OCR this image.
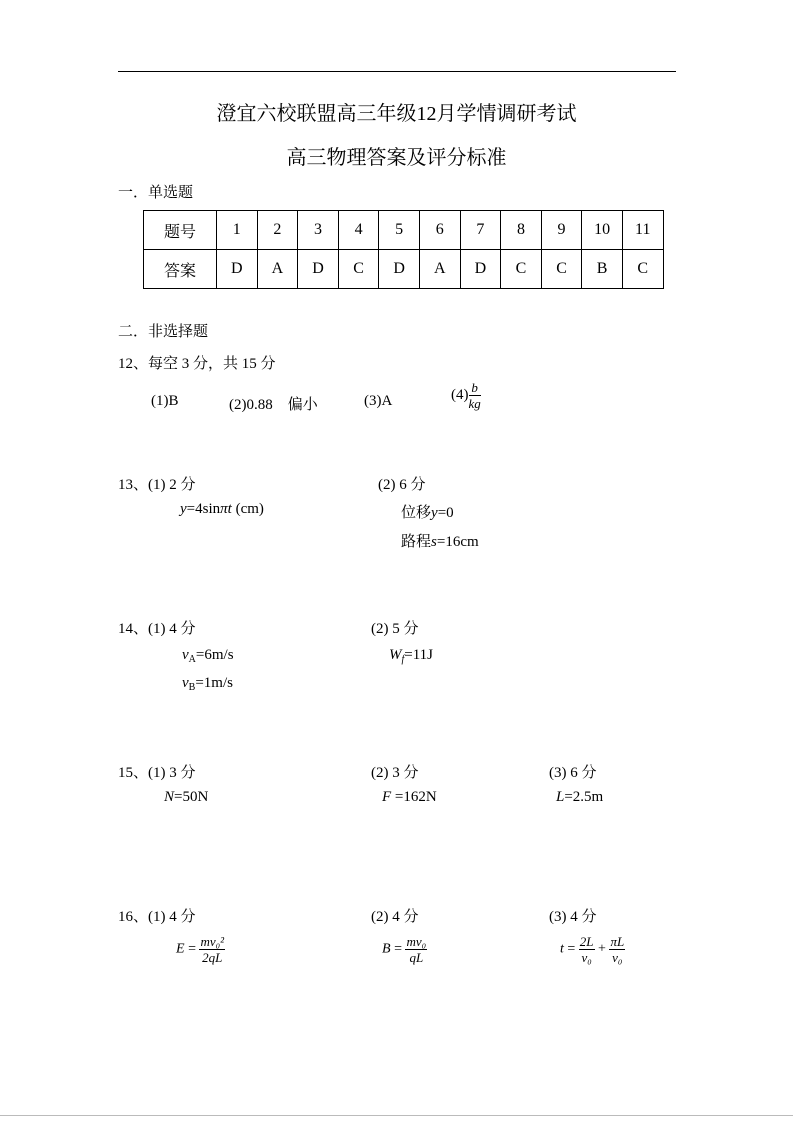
澄宜六校联盟高三年级12月学情调研考试
高三物理答案及评分标准
一．单选题
题号	1	2	3	4	5	6	7	8	9	10	11
答案	D	A	D	C	D	A	D	C	C	B	C
二．非选择题
12、每空 3 分，共 15 分
(1)B	(2)0.88　偏小	(3)A	$(4) \frac{b}{kg}$
13、(1) 2 分
y=4sinπt (cm)
(2) 6 分
位移y=0
路程s=16cm
14、(1) 4 分
$v_A=6m/s$
$v_B=1m/s$
(2) 5 分
$W_f=11J$
15、(1) 3 分
N=50N
(2) 3 分
F =162N
(3) 6 分
L=2.5m
16、(1) 4 分
$E = \frac{\text{mv₀²}}{2qL}$
(2) 4 分
$B = \frac{\text{mv₀}}{qL}$
(3) 4 分
$t = \frac{2L}{\text{v₀}} + \frac{\pi L}{\text{v₀}}$
